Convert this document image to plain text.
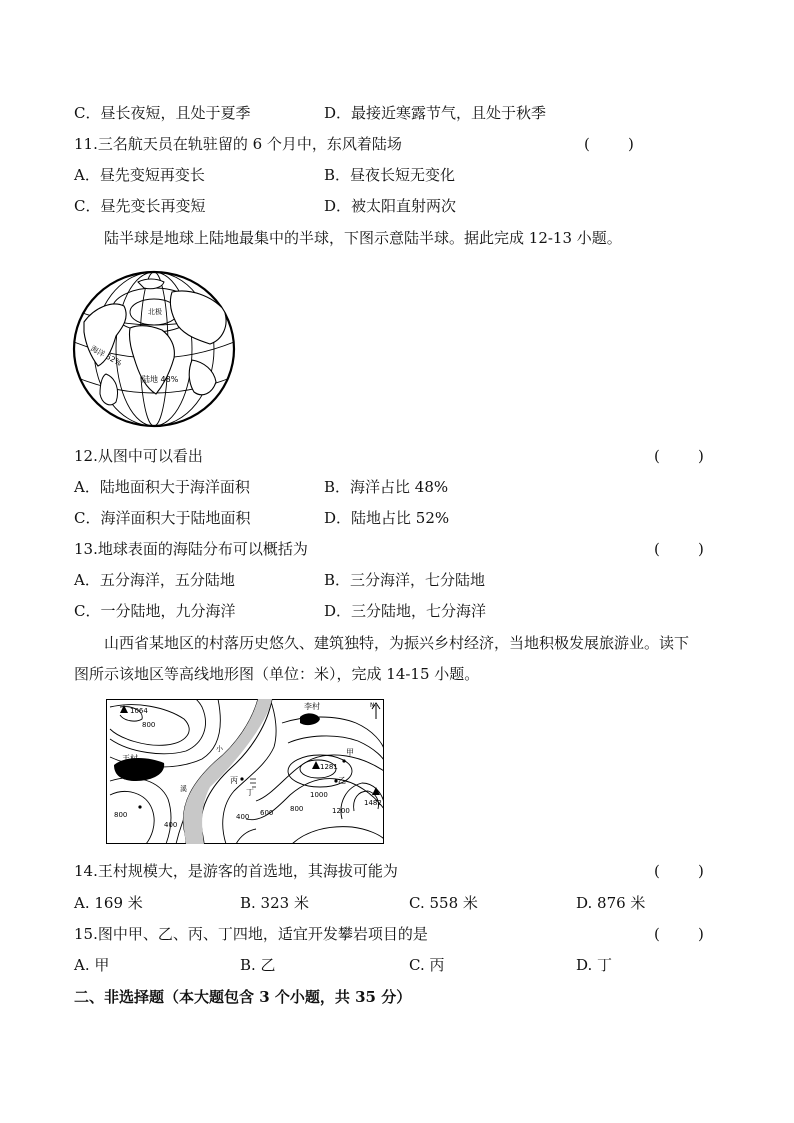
C．昼长夜短，且处于夏季	D．最接近寒露节气，且处于秋季
11.三名航天员在轨驻留的 6 个月中，东风着陆场	(        )
A．昼先变短再变长	B．昼夜长短无变化
C．昼先变长再变短	D．被太阳直射两次
陆半球是地球上陆地最集中的半球，下图示意陆半球。据此完成 12-13 小题。
北极
海洋 52%
陆地 48%
12.从图中可以看出	(        )
A．陆地面积大于海洋面积	B．海洋占比 48%
C．海洋面积大于陆地面积	D．陆地占比 52%
13.地球表面的海陆分布可以概括为	(        )
A．五分海洋，五分陆地	B．三分海洋，七分陆地
C．一分陆地，九分海洋	D．三分陆地，七分海洋
山西省某地区的村落历史悠久、建筑独特，为振兴乡村经济，当地积极发展旅游业。读下
图所示该地区等高线地形图（单位：米），完成 14-15 小题。
1064
1281
1482
王村
李村	N
小
溪
甲
乙
丙
丁
800
800
800
400
400 600
1000
1200
14.王村规模大，是游客的首选地，其海拔可能为	(        )
A. 169 米	B. 323 米	C. 558 米	D. 876 米
15.图中甲、乙、丙、丁四地，适宜开发攀岩项目的是	(        )
A. 甲	B. 乙	C. 丙	D. 丁
二、非选择题（本大题包含 3 个小题，共 35 分）
